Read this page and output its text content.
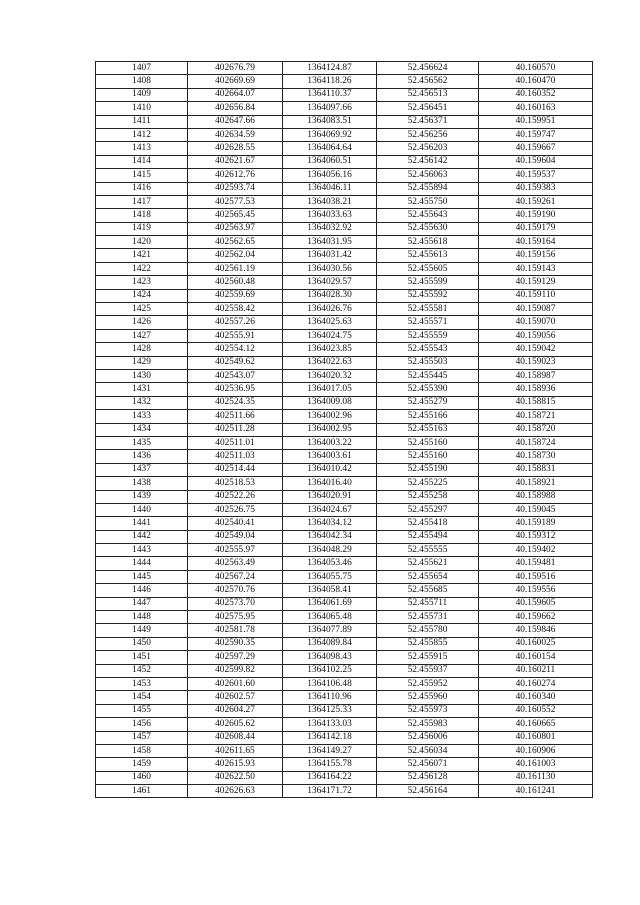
1407	402676.79	1364124.87	52.456624	40.160570
1408	402669.69	1364118.26	52.456562	40.160470
1409	402664.07	1364110.37	52.456513	40.160352
1410	402656.84	1364097.66	52.456451	40.160163
1411	402647.66	1364083.51	52.456371	40.159951
1412	402634.59	1364069.92	52.456256	40.159747
1413	402628.55	1364064.64	52.456203	40.159667
1414	402621.67	1364060.51	52.456142	40.159604
1415	402612.76	1364056.16	52.456063	40.159537
1416	402593.74	1364046.11	52.455894	40.159383
1417	402577.53	1364038.21	52.455750	40.159261
1418	402565.45	1364033.63	52.455643	40.159190
1419	402563.97	1364032.92	52.455630	40.159179
1420	402562.65	1364031.95	52.455618	40.159164
1421	402562.04	1364031.42	52.455613	40.159156
1422	402561.19	1364030.56	52.455605	40.159143
1423	402560.48	1364029.57	52.455599	40.159129
1424	402559.69	1364028.30	52.455592	40.159110
1425	402558.42	1364026.76	52.455581	40.159087
1426	402557.26	1364025.63	52.455571	40.159070
1427	402555.91	1364024.75	52.455559	40.159056
1428	402554.12	1364023.85	52.455543	40.159042
1429	402549.62	1364022.63	52.455503	40.159023
1430	402543.07	1364020.32	52.455445	40.158987
1431	402536.95	1364017.05	52.455390	40.158936
1432	402524.35	1364009.08	52.455279	40.158815
1433	402511.66	1364002.96	52.455166	40.158721
1434	402511.28	1364002.95	52.455163	40.158720
1435	402511.01	1364003.22	52.455160	40.158724
1436	402511.03	1364003.61	52.455160	40.158730
1437	402514.44	1364010.42	52.455190	40.158831
1438	402518.53	1364016.40	52.455225	40.158921
1439	402522.26	1364020.91	52.455258	40.158988
1440	402526.75	1364024.67	52.455297	40.159045
1441	402540.41	1364034.12	52.455418	40.159189
1442	402549.04	1364042.34	52.455494	40.159312
1443	402555.97	1364048.29	52.455555	40.159402
1444	402563.49	1364053.46	52.455621	40.159481
1445	402567.24	1364055.75	52.455654	40.159516
1446	402570.76	1364058.41	52.455685	40.159556
1447	402573.70	1364061.69	52.455711	40.159605
1448	402575.95	1364065.48	52.455731	40.159662
1449	402581.78	1364077.89	52.455780	40.159846
1450	402590.35	1364089.84	52.455855	40.160025
1451	402597.29	1364098.43	52.455915	40.160154
1452	402599.82	1364102.25	52.455937	40.160211
1453	402601.60	1364106.48	52.455952	40.160274
1454	402602.57	1364110.96	52.455960	40.160340
1455	402604.27	1364125.33	52.455973	40.160552
1456	402605.62	1364133.03	52.455983	40.160665
1457	402608.44	1364142.18	52.456006	40.160801
1458	402611.65	1364149.27	52.456034	40.160906
1459	402615.93	1364155.78	52.456071	40.161003
1460	402622.50	1364164.22	52.456128	40.161130
1461	402626.63	1364171.72	52.456164	40.161241
